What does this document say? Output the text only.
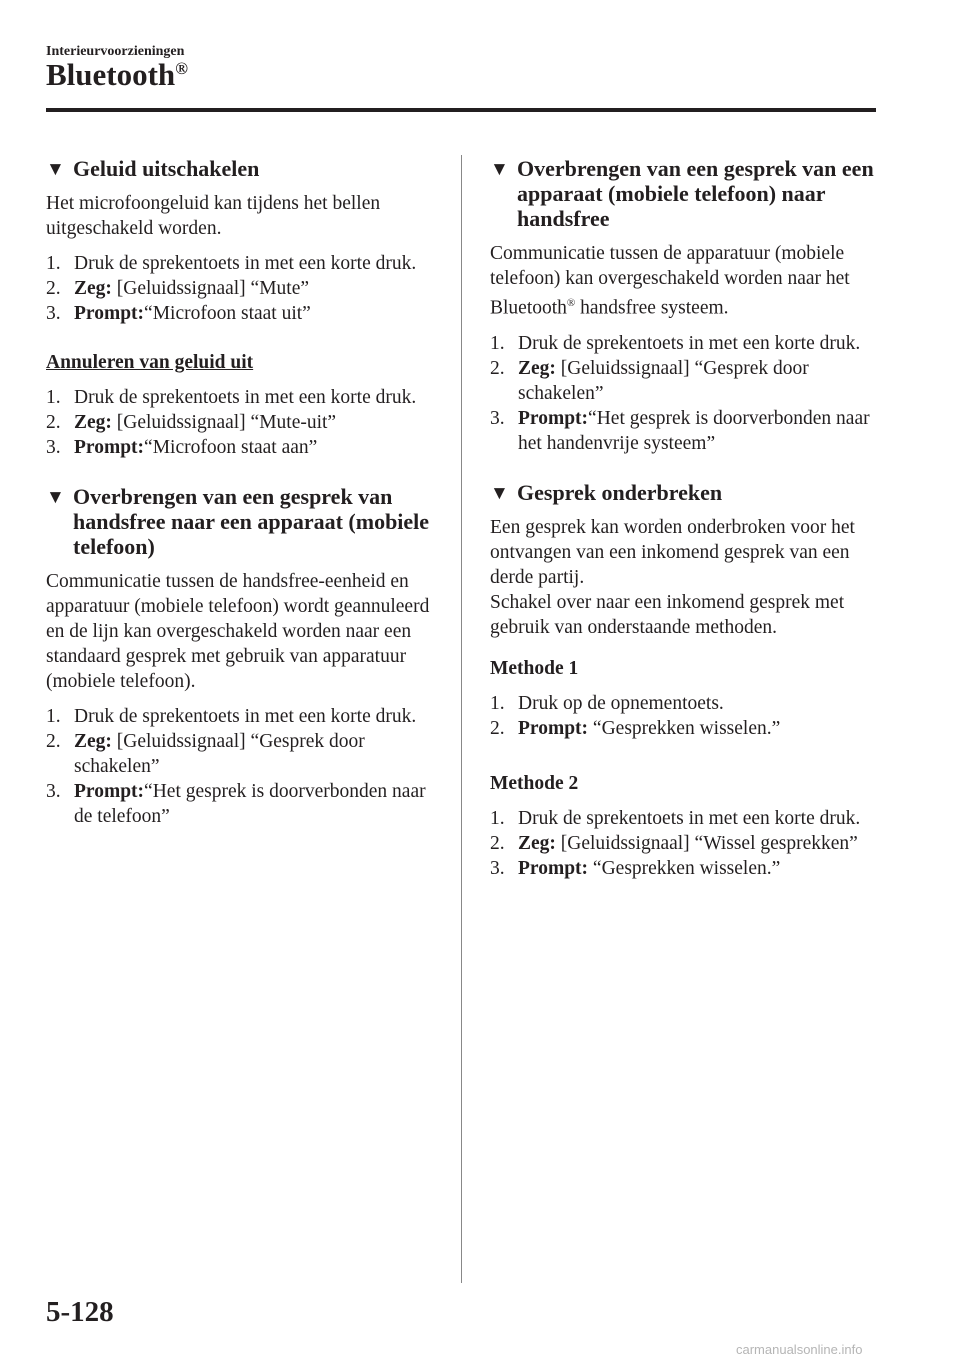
Interieurvoorzieningen
Bluetooth®
▼ Geluid uitschakelen
Het microfoongeluid kan tijdens het bellen uitgeschakeld worden.
1. Druk de sprekentoets in met een korte druk.
2. Zeg: [Geluidssignaal] “Mute”
3. Prompt:“Microfoon staat uit”
Annuleren van geluid uit
1. Druk de sprekentoets in met een korte druk.
2. Zeg: [Geluidssignaal] “Mute-uit”
3. Prompt:“Microfoon staat aan”
▼ Overbrengen van een gesprek van handsfree naar een apparaat (mobiele telefoon)
Communicatie tussen de handsfree-eenheid en apparatuur (mobiele telefoon) wordt geannuleerd en de lijn kan overgeschakeld worden naar een standaard gesprek met gebruik van apparatuur (mobiele telefoon).
1. Druk de sprekentoets in met een korte druk.
2. Zeg: [Geluidssignaal] “Gesprek door schakelen”
3. Prompt:“Het gesprek is doorverbonden naar de telefoon”
▼ Overbrengen van een gesprek van een apparaat (mobiele telefoon) naar handsfree
Communicatie tussen de apparatuur (mobiele telefoon) kan overgeschakeld worden naar het Bluetooth® handsfree systeem.
1. Druk de sprekentoets in met een korte druk.
2. Zeg: [Geluidssignaal] “Gesprek door schakelen”
3. Prompt:“Het gesprek is doorverbonden naar het handenvrije systeem”
▼ Gesprek onderbreken
Een gesprek kan worden onderbroken voor het ontvangen van een inkomend gesprek van een derde partij.
Schakel over naar een inkomend gesprek met gebruik van onderstaande methoden.
Methode 1
1. Druk op de opnementoets.
2. Prompt: “Gesprekken wisselen.”
Methode 2
1. Druk de sprekentoets in met een korte druk.
2. Zeg: [Geluidssignaal] “Wissel gesprekken”
3. Prompt: “Gesprekken wisselen.”
5-128
carmanualsonline.info
